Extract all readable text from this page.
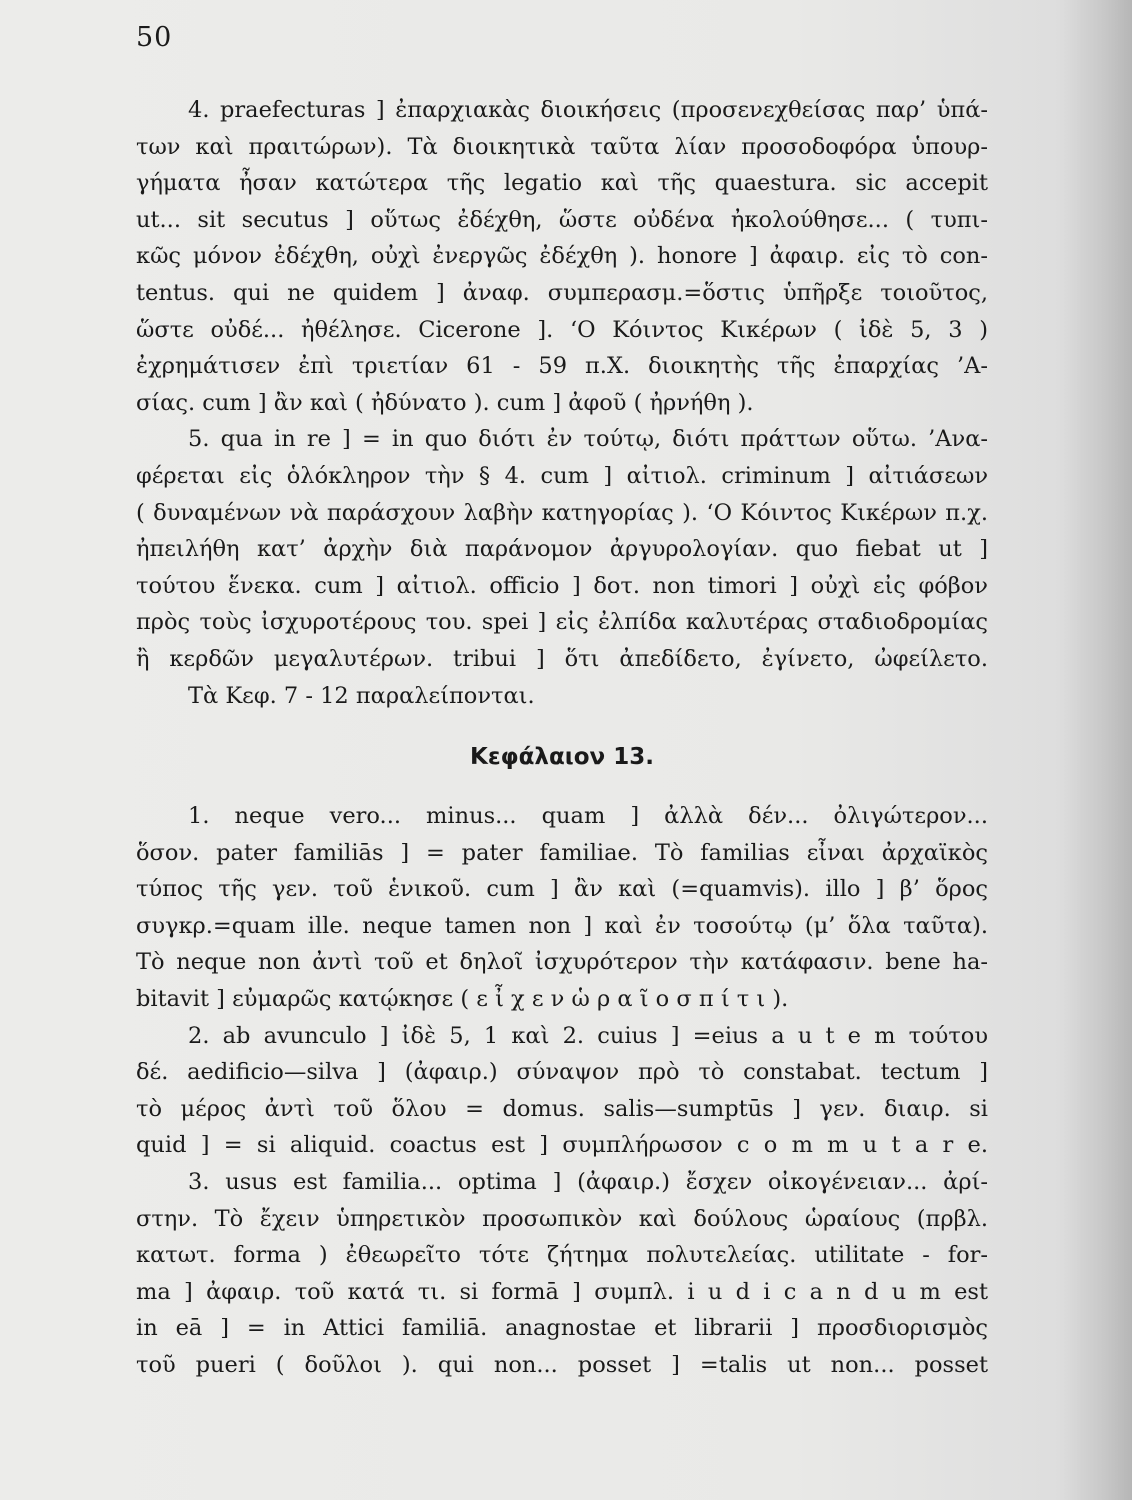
50
4. praefecturas ] ἐπαρχιακὰς διοικήσεις (προσενεχθείσας παρ’ ὑπά-
των καὶ πραιτώρων). Τὰ διοικητικὰ ταῦτα λίαν προσοδοφόρα ὑπουρ-
γήματα ἦσαν κατώτερα τῆς legatio καὶ τῆς quaestura. sic accepit
ut... sit secutus ] οὕτως ἐδέχθη, ὥστε οὐδένα ἠκολούθησε... ( τυπι-
κῶς μόνον ἐδέχθη, οὐχὶ ἐνεργῶς ἐδέχθη ). honore ] ἀφαιρ. εἰς τὸ con-
tentus. qui ne quidem ] ἀναφ. συμπερασμ.=ὅστις ὑπῆρξε τοιοῦτος,
ὥστε οὐδέ... ἠθέλησε. Cicerone ]. ‘Ο Κόιντος Κικέρων ( ἰδὲ 5, 3 )
ἐχρημάτισεν ἐπὶ τριετίαν 61 - 59 π.Χ. διοικητὴς τῆς ἐπαρχίας ’Α-
σίας. cum ] ἂν καὶ ( ἠδύνατο ). cum ] ἀφοῦ ( ἠρνήθη ).
5. qua in re ] = in quo διότι ἐν τούτῳ, διότι πράττων οὕτω. ’Ανα-
φέρεται εἰς ὁλόκληρον τὴν § 4. cum ] αἰτιολ. criminum ] αἰτιάσεων
( δυναμένων νὰ παράσχουν λαβὴν κατηγορίας ). ‘Ο Κόιντος Κικέρων π.χ.
ἠπειλήθη κατ’ ἀρχὴν διὰ παράνομον ἀργυρολογίαν. quo fiebat ut ]
τούτου ἕνεκα. cum ] αἰτιολ. officio ] δοτ. non timori ] οὐχὶ εἰς φόβον
πρὸς τοὺς ἰσχυροτέρους του. spei ] εἰς ἐλπίδα καλυτέρας σταδιοδρομίας
ἢ κερδῶν μεγαλυτέρων. tribui ] ὅτι ἀπεδίδετο, ἐγίνετο, ὠφείλετο.
Τὰ Κεφ. 7 - 12 παραλείπονται.
Κεφάλαιον 13.
1. neque vero... minus... quam ] ἀλλὰ δέν... ὀλιγώτερον...
ὅσον. pater familiās ] = pater familiae. Τὸ familias εἶναι ἀρχαϊκὸς
τύπος τῆς γεν. τοῦ ἑνικοῦ. cum ] ἂν καὶ (=quamvis). illo ] β’ ὅρος
συγκρ.=quam ille. neque tamen non ] καὶ ἐν τοσούτῳ (μ’ ὅλα ταῦτα).
Τὸ neque non ἀντὶ τοῦ et δηλοῖ ἰσχυρότερον τὴν κατάφασιν. bene ha-
bitavit ] εὐμαρῶς κατῴκησε ( ε ἶ χ ε ν ὡ ρ α ῖ ο σ π ί τ ι ).
2. ab avunculo ] ἰδὲ 5, 1 καὶ 2. cuius ] =eius a u t e m τούτου
δέ. aedificio—silva ] (ἀφαιρ.) σύναψον πρὸ τὸ constabat. tectum ]
τὸ μέρος ἀντὶ τοῦ ὅλου = domus. salis—sumptūs ] γεν. διαιρ. si
quid ] = si aliquid. coactus est ] συμπλήρωσον c o m m u t a r e.
3. usus est familia... optima ] (ἀφαιρ.) ἔσχεν οἰκογένειαν... ἀρί-
στην. Τὸ ἔχειν ὑπηρετικὸν προσωπικὸν καὶ δούλους ὡραίους (πρβλ.
κατωτ. forma ) ἐθεωρεῖτο τότε ζήτημα πολυτελείας. utilitate - for-
ma ] ἀφαιρ. τοῦ κατά τι. si formā ] συμπλ. i u d i c a n d u m est
in eā ] = in Attici familiā. anagnostae et librarii ] προσδιορισμὸς
τοῦ pueri ( δοῦλοι ). qui non... posset ] =talis ut non... posset
